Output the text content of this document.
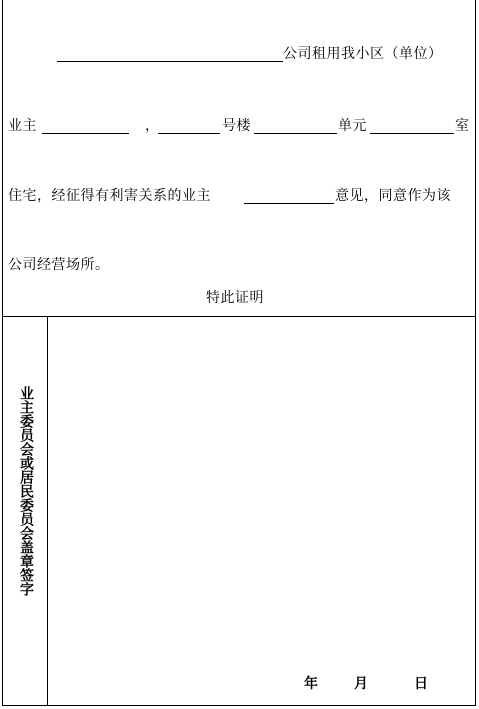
公司租用我小区（单位）
业主	，	号楼	单元	室
住宅，经征得有利害关系的业主	意见，同意作为该
公司经营场所。
特此证明
业主委员会或居民委员会盖章签字
年	月	日
